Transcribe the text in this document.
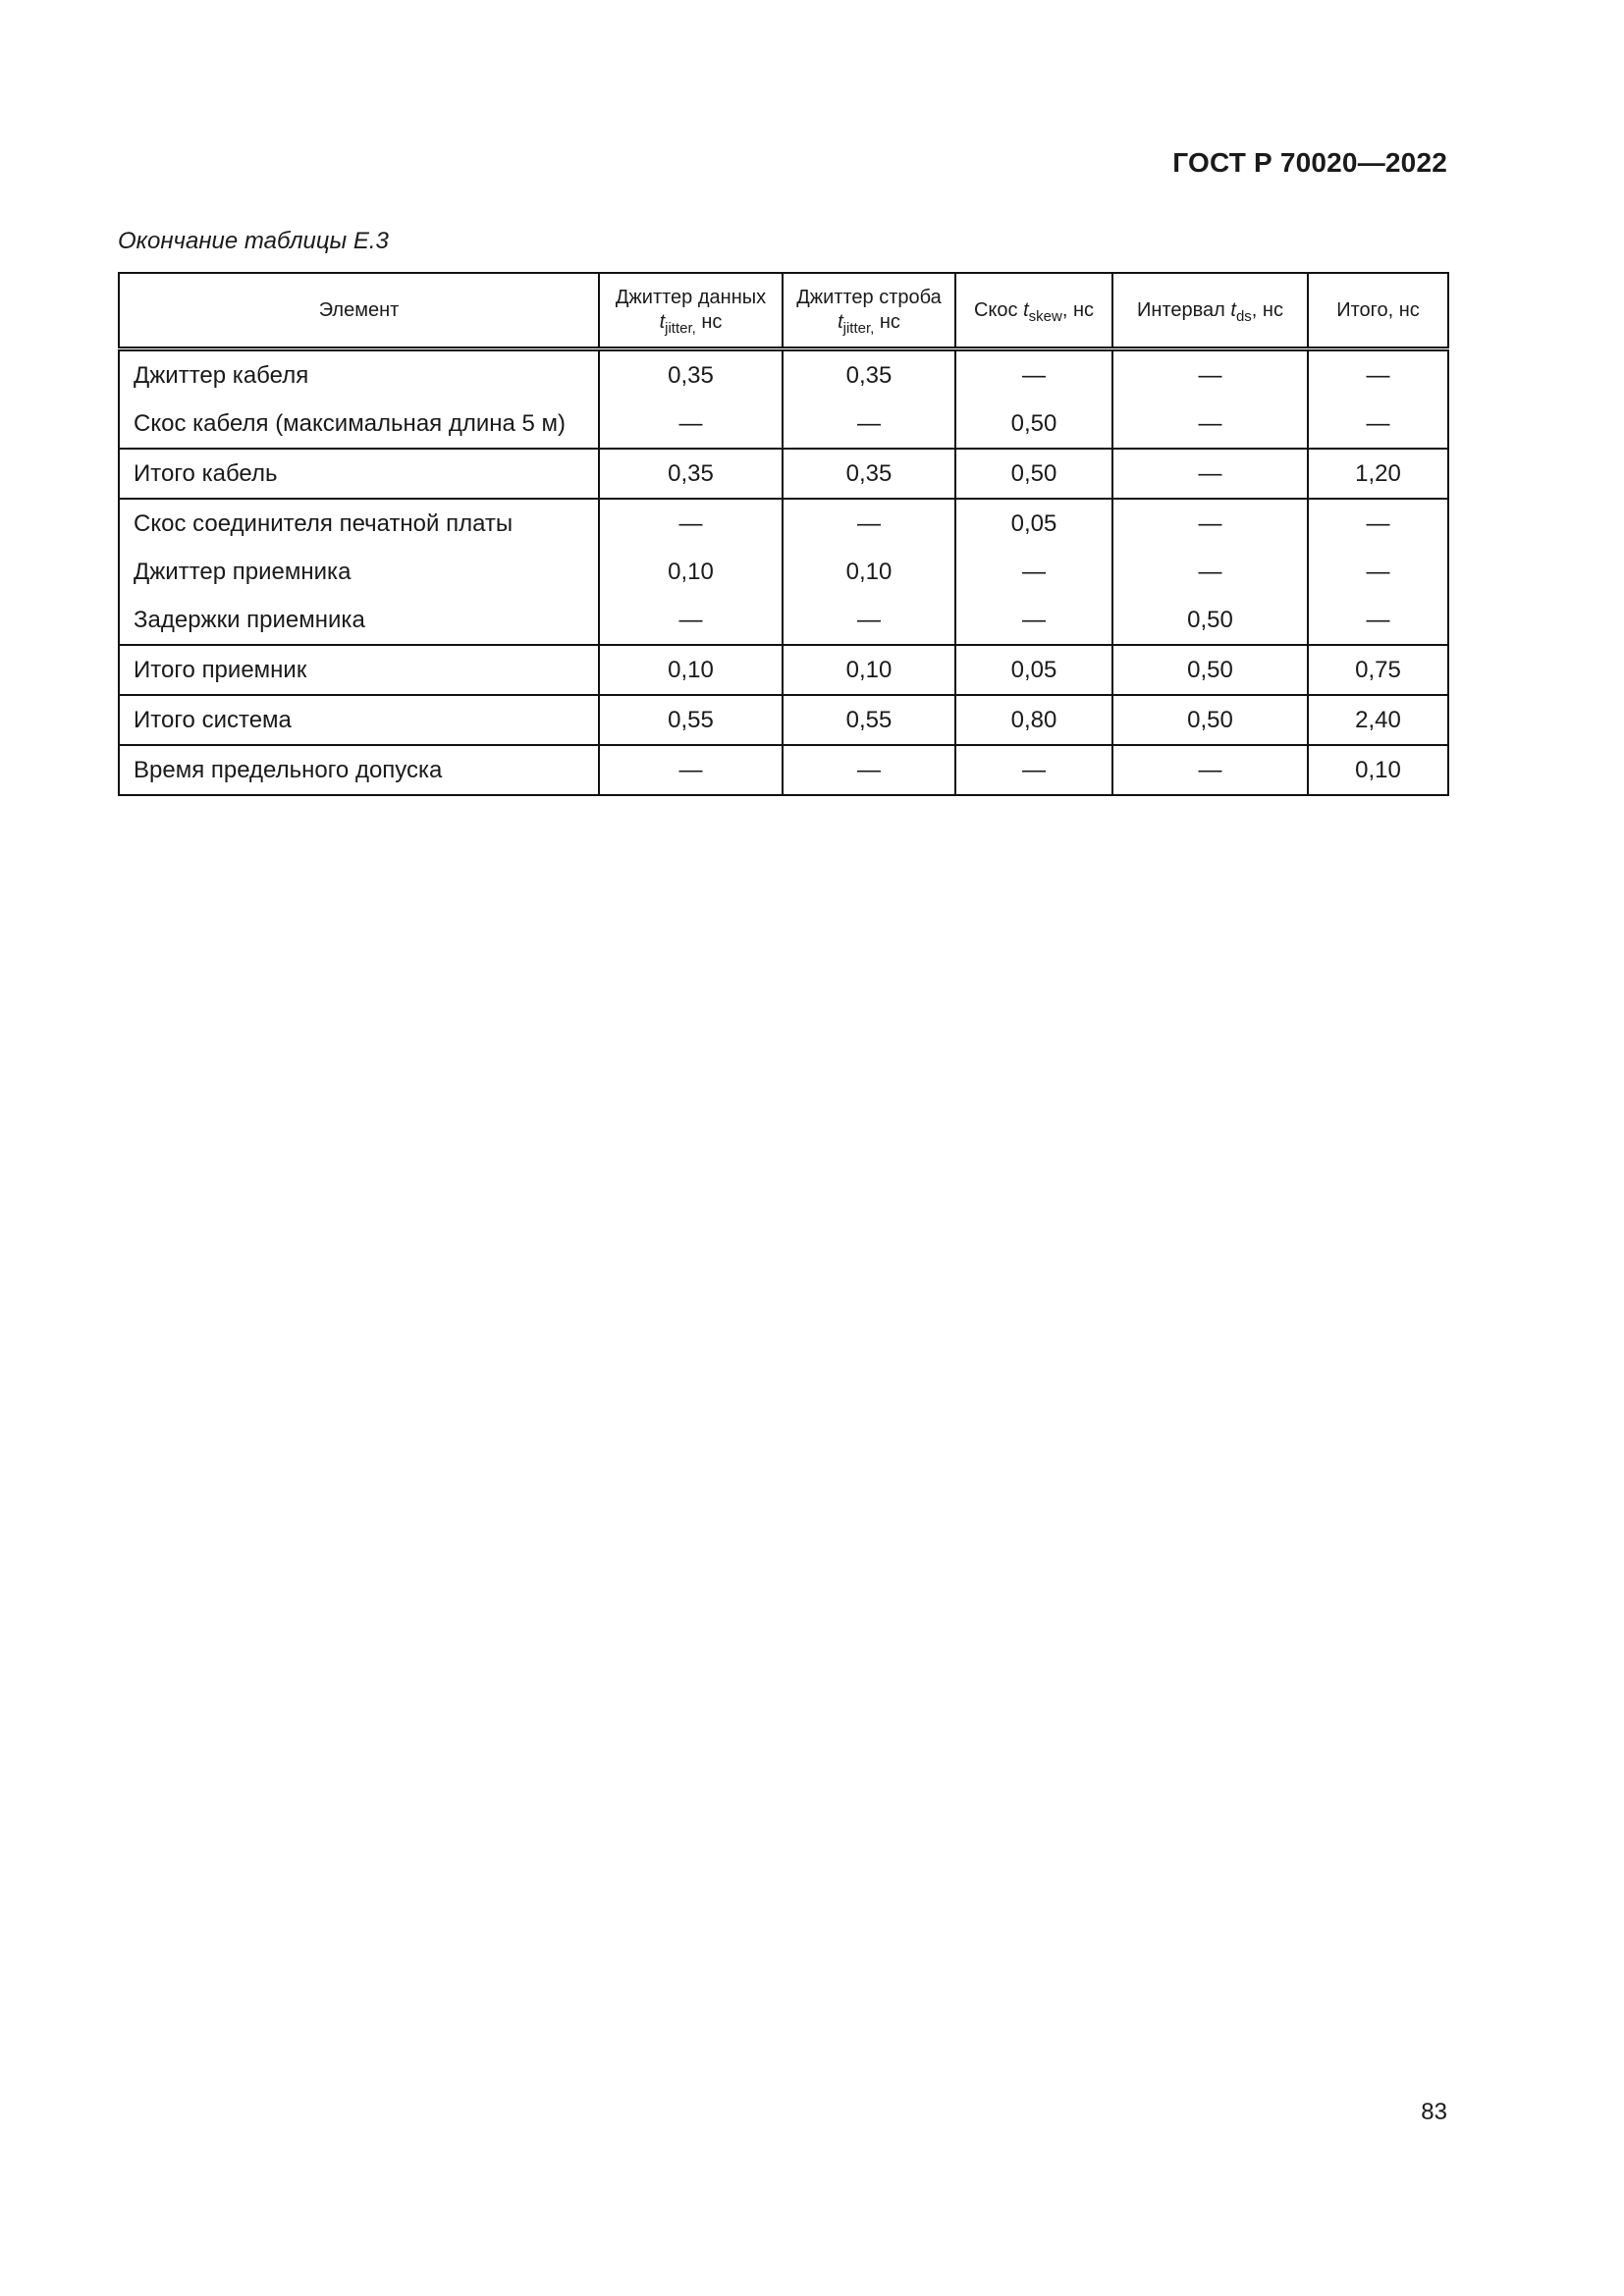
ГОСТ Р 70020—2022
Окончание таблицы Е.3
Элемент	Джиттер данных $t_{jitter,}$ нс	Джиттер строба $t_{jitter,}$ нс	Скос $t_{skew}$, нс	Интервал $t_{ds}$, нс	Итого, нс
Джиттер кабеля	0,35	0,35	—	—	—
Скос кабеля (максимальная длина 5 м)	—	—	0,50	—	—
Итого кабель	0,35	0,35	0,50	—	1,20
Скос соединителя печатной платы	—	—	0,05	—	—
Джиттер приемника	0,10	0,10	—	—	—
Задержки приемника	—	—	—	0,50	—
Итого приемник	0,10	0,10	0,05	0,50	0,75
Итого система	0,55	0,55	0,80	0,50	2,40
Время предельного допуска	—	—	—	—	0,10
83
